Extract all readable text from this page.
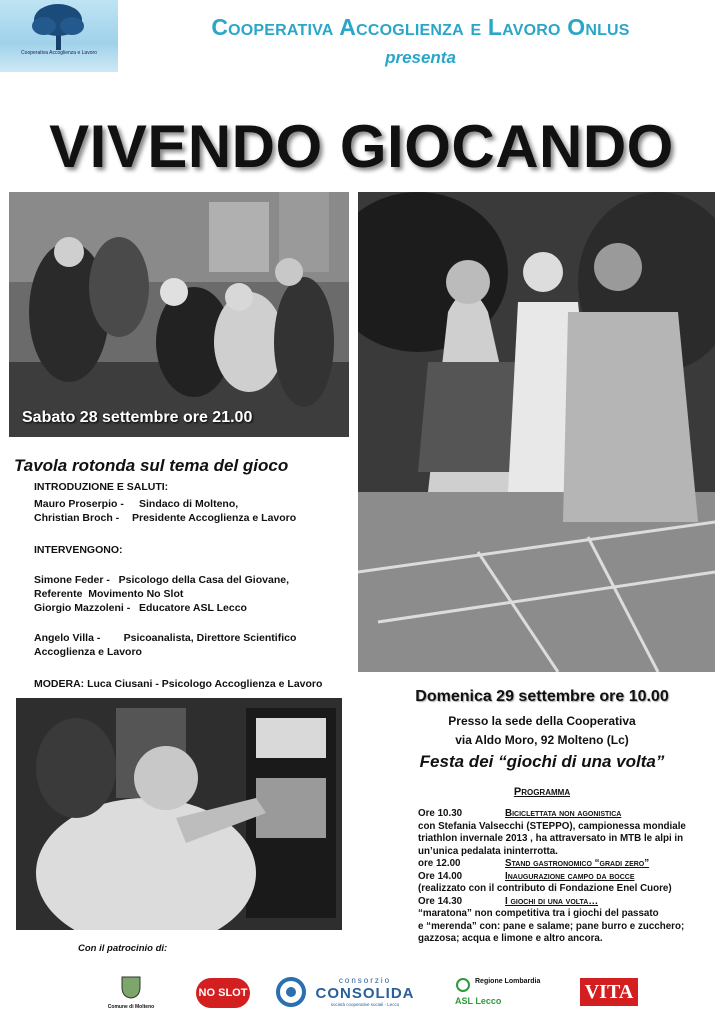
Cooperativa Accoglienza e Lavoro
Cooperativa Accoglienza e Lavoro Onlus
presenta
VIVENDO GIOCANDO
Sabato 28 settembre ore 21.00
Tavola rotonda sul tema del gioco
INTRODUZIONE E SALUTI:
Mauro Proserpio -	Sindaco di Molteno,
Christian Broch -	Presidente Accoglienza e Lavoro
INTERVENGONO:
Simone Feder -   Psicologo della Casa del Giovane,
Referente  Movimento No Slot
Giorgio Mazzoleni -   Educatore ASL Lecco
Angelo Villa -        Psicoanalista, Direttore Scientifico
Accoglienza e Lavoro
MODERA: Luca Ciusani - Psicologo Accoglienza e Lavoro
Domenica 29 settembre ore 10.00
Presso la sede della Cooperativa
via Aldo Moro, 92 Molteno (Lc)
Festa dei “giochi di una volta”
Programma
Ore 10.30	Biciclettata non agonistica
con Stefania Valsecchi (STEPPO), campionessa mondiale triathlon invernale 2013 , ha attraversato in MTB le alpi in un’unica pedalata ininterrotta.
ore 12.00	Stand gastronomico “gradi zero”
Ore 14.00	Inaugurazione campo da bocce
(realizzato con il contributo di Fondazione Enel Cuore)
Ore 14.30	I giochi di una volta…
“maratona” non competitiva tra i giochi del passato
e “merenda” con: pane e salame; pane burro e zucchero; gazzosa; acqua e limone e altro ancora.
Con il patrocinio di:
Comune di Molteno
NO SLOT
consorzio
CONSOLIDA
società cooperative sociali · Lecco
Regione Lombardia
ASL Lecco	VITA
